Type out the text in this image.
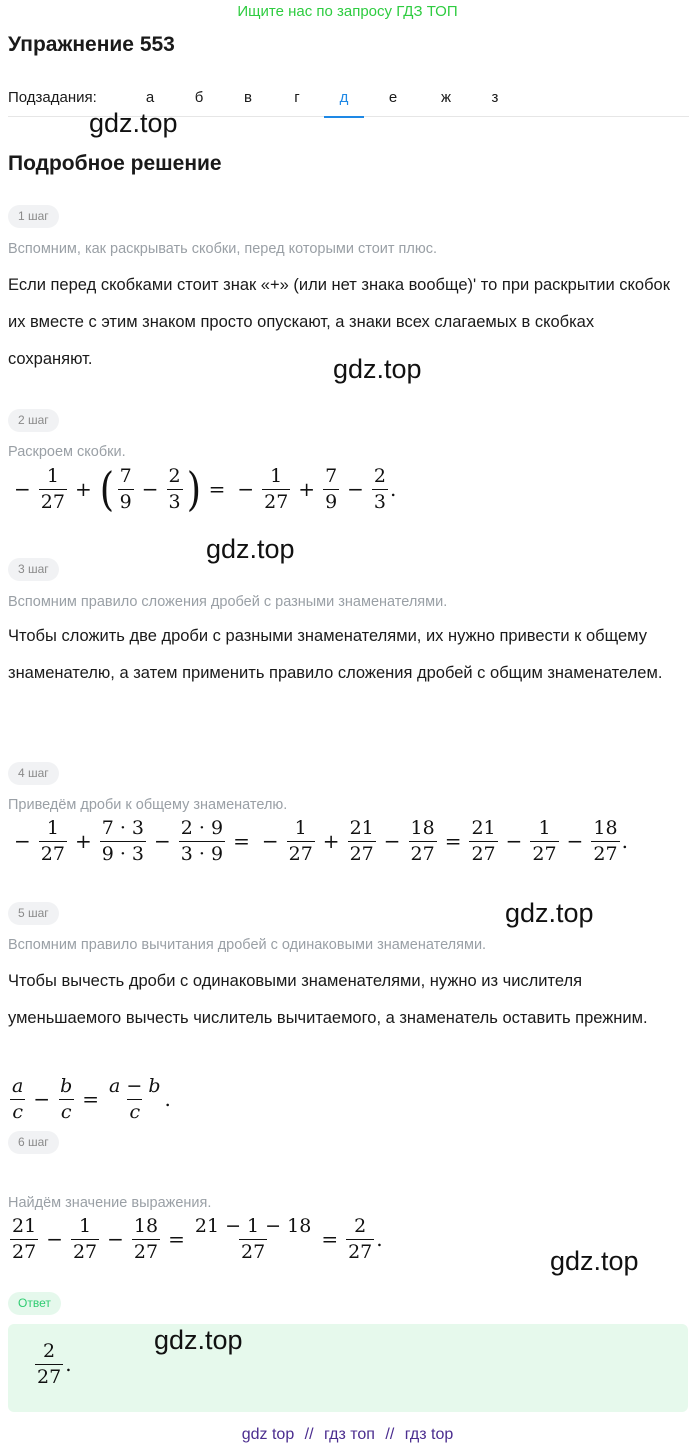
Ищите нас по запросу ГДЗ ТОП
Упражнение 553
Подзадания:	а	б	в	г	д	е	ж	з
gdz.top
Подробное решение
1 шаг
Вспомним, как раскрывать скобки, перед которыми стоит плюс.
Если перед скобками стоит знак «+» (или нет знака вообще)' то при раскрытии скобок их вместе с этим знаком просто опускают, а знаки всех слагаемых в скобках сохраняют.	gdz.top
2 шаг
Раскроем скобки.
− $\frac{1}{27}$ + ( $\frac{7}{9} - \frac{2}{3}$ ) = − $\frac{1}{27} + \frac{7}{9} - \frac{2}{3}$ .
gdz.top
3 шаг
Вспомним правило сложения дробей с разными знаменателями.
Чтобы сложить две дроби с разными знаменателями, их нужно привести к общему знаменателю, а затем применить правило сложения дробей с общим знаменателем.
4 шаг
Приведём дроби к общему знаменателю.
− $\frac{1}{27} + \frac{7 \cdot 3}{9 \cdot 3} - \frac{2 \cdot 9}{3 \cdot 9}$ = − $\frac{1}{27} + \frac{21}{27} - \frac{18}{27} = \frac{21}{27} - \frac{1}{27} - \frac{18}{27}$ .
gdz.top
5 шаг
Вспомним правило вычитания дробей с одинаковыми знаменателями.
Чтобы вычесть дроби с одинаковыми знаменателями, нужно из числителя уменьшаемого вычесть числитель вычитаемого, а знаменатель оставить прежним.
$\frac{a}{c} - \frac{b}{c} = \frac{a - b}{c}$ .
6 шаг
Найдём значение выражения.
$\frac{21}{27} - \frac{1}{27} - \frac{18}{27} = \frac{21 - 1 - 18}{27} = \frac{2}{27}$ .
gdz.top
Ответ
$\frac{2}{27}$ .
gdz.top
gdz top // гдз топ // гдз top
